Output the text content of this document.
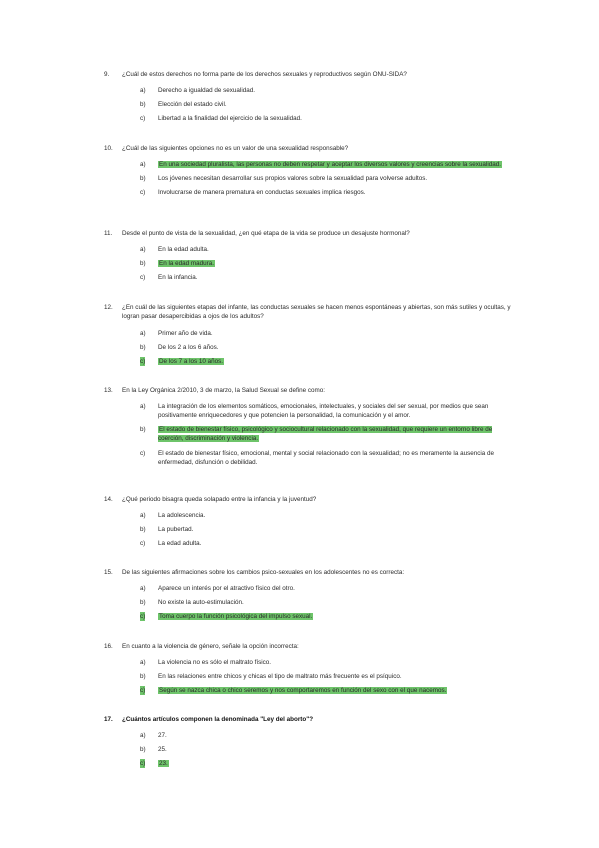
9. ¿Cuál de estos derechos no forma parte de los derechos sexuales y reproductivos según ONU-SIDA?
a) Derecho a igualdad de sexualidad.
b) Elección del estado civil.
c) Libertad a la finalidad del ejercicio de la sexualidad.
10. ¿Cuál de las siguientes opciones no es un valor de una sexualidad responsable?
a) En una sociedad pluralista, las personas no deben respetar y aceptar los diversos valores y creencias sobre la sexualidad.
b) Los jóvenes necesitan desarrollar sus propios valores sobre la sexualidad para volverse adultos.
c) Involucrarse de manera prematura en conductas sexuales implica riesgos.
11. Desde el punto de vista de la sexualidad, ¿en qué etapa de la vida se produce un desajuste hormonal?
a) En la edad adulta.
b) En la edad madura.
c) En la infancia.
12. ¿En cuál de las siguientes etapas del infante, las conductas sexuales se hacen menos espontáneas y abiertas, son más sutiles y ocultas, y logran pasar desapercibidas a ojos de los adultos?
a) Primer año de vida.
b) De los 2 a los 6 años.
c) De los 7 a los 10 años.
13. En la Ley Orgánica 2/2010, 3 de marzo, la Salud Sexual se define como:
a) La integración de los elementos somáticos, emocionales, intelectuales, y sociales del ser sexual, por medios que sean positivamente enriquecedores y que potencien la personalidad, la comunicación y el amor.
b) El estado de bienestar físico, psicológico y sociocultural relacionado con la sexualidad, que requiere un entorno libre de coerción, discriminación y violencia.
c) El estado de bienestar físico, emocional, mental y social relacionado con la sexualidad; no es meramente la ausencia de enfermedad, disfunción o debilidad.
14. ¿Qué periodo bisagra queda solapado entre la infancia y la juventud?
a) La adolescencia.
b) La pubertad.
c) La edad adulta.
15. De las siguientes afirmaciones sobre los cambios psico-sexuales en los adolescentes no es correcta:
a) Aparece un interés por el atractivo físico del otro.
b) No existe la auto-estimulación.
c) Toma cuerpo la función psicológica del impulso sexual.
16. En cuanto a la violencia de género, señale la opción incorrecta:
a) La violencia no es sólo el maltrato físico.
b) En las relaciones entre chicos y chicas el tipo de maltrato más frecuente es el psíquico.
c) Según se nazca chica o chico seremos y nos comportaremos en función del sexo con el que nacemos.
17. ¿Cuántos artículos componen la denominada "Ley del aborto"?
a) 27.
b) 25.
c) 23.
